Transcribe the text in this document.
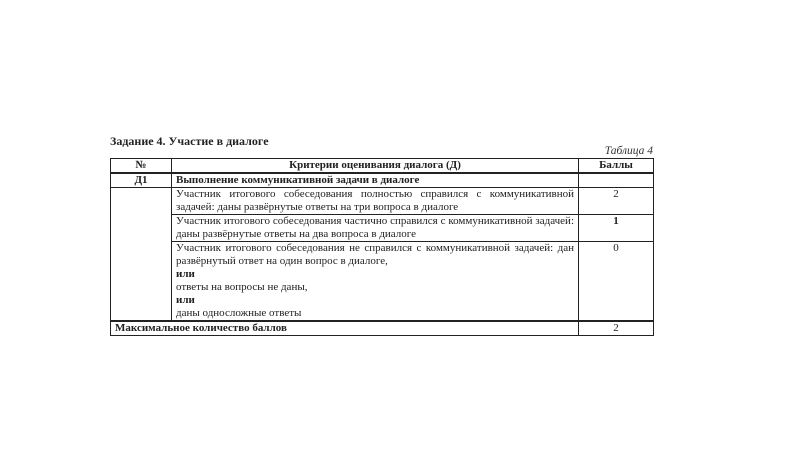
Задание 4. Участие в диалоге
Таблица 4
№	Критерии оценивания диалога (Д)	Баллы
Д1	Выполнение коммуникативной задачи в диалоге	
	Участник итогового собеседования полностью справился с коммуникативной задачей: даны развёрнутые ответы на три вопроса в диалоге	2
	Участник итогового собеседования частично справился с коммуникативной задачей: даны развёрнутые ответы на два вопроса в диалоге	1

	Участник итогового собеседования не справился с коммуникативной задачей: дан развёрнутый ответ на один вопрос в диалоге,
или
ответы на вопросы не даны,
или
даны односложные ответы	0
Максимальное количество баллов		2
